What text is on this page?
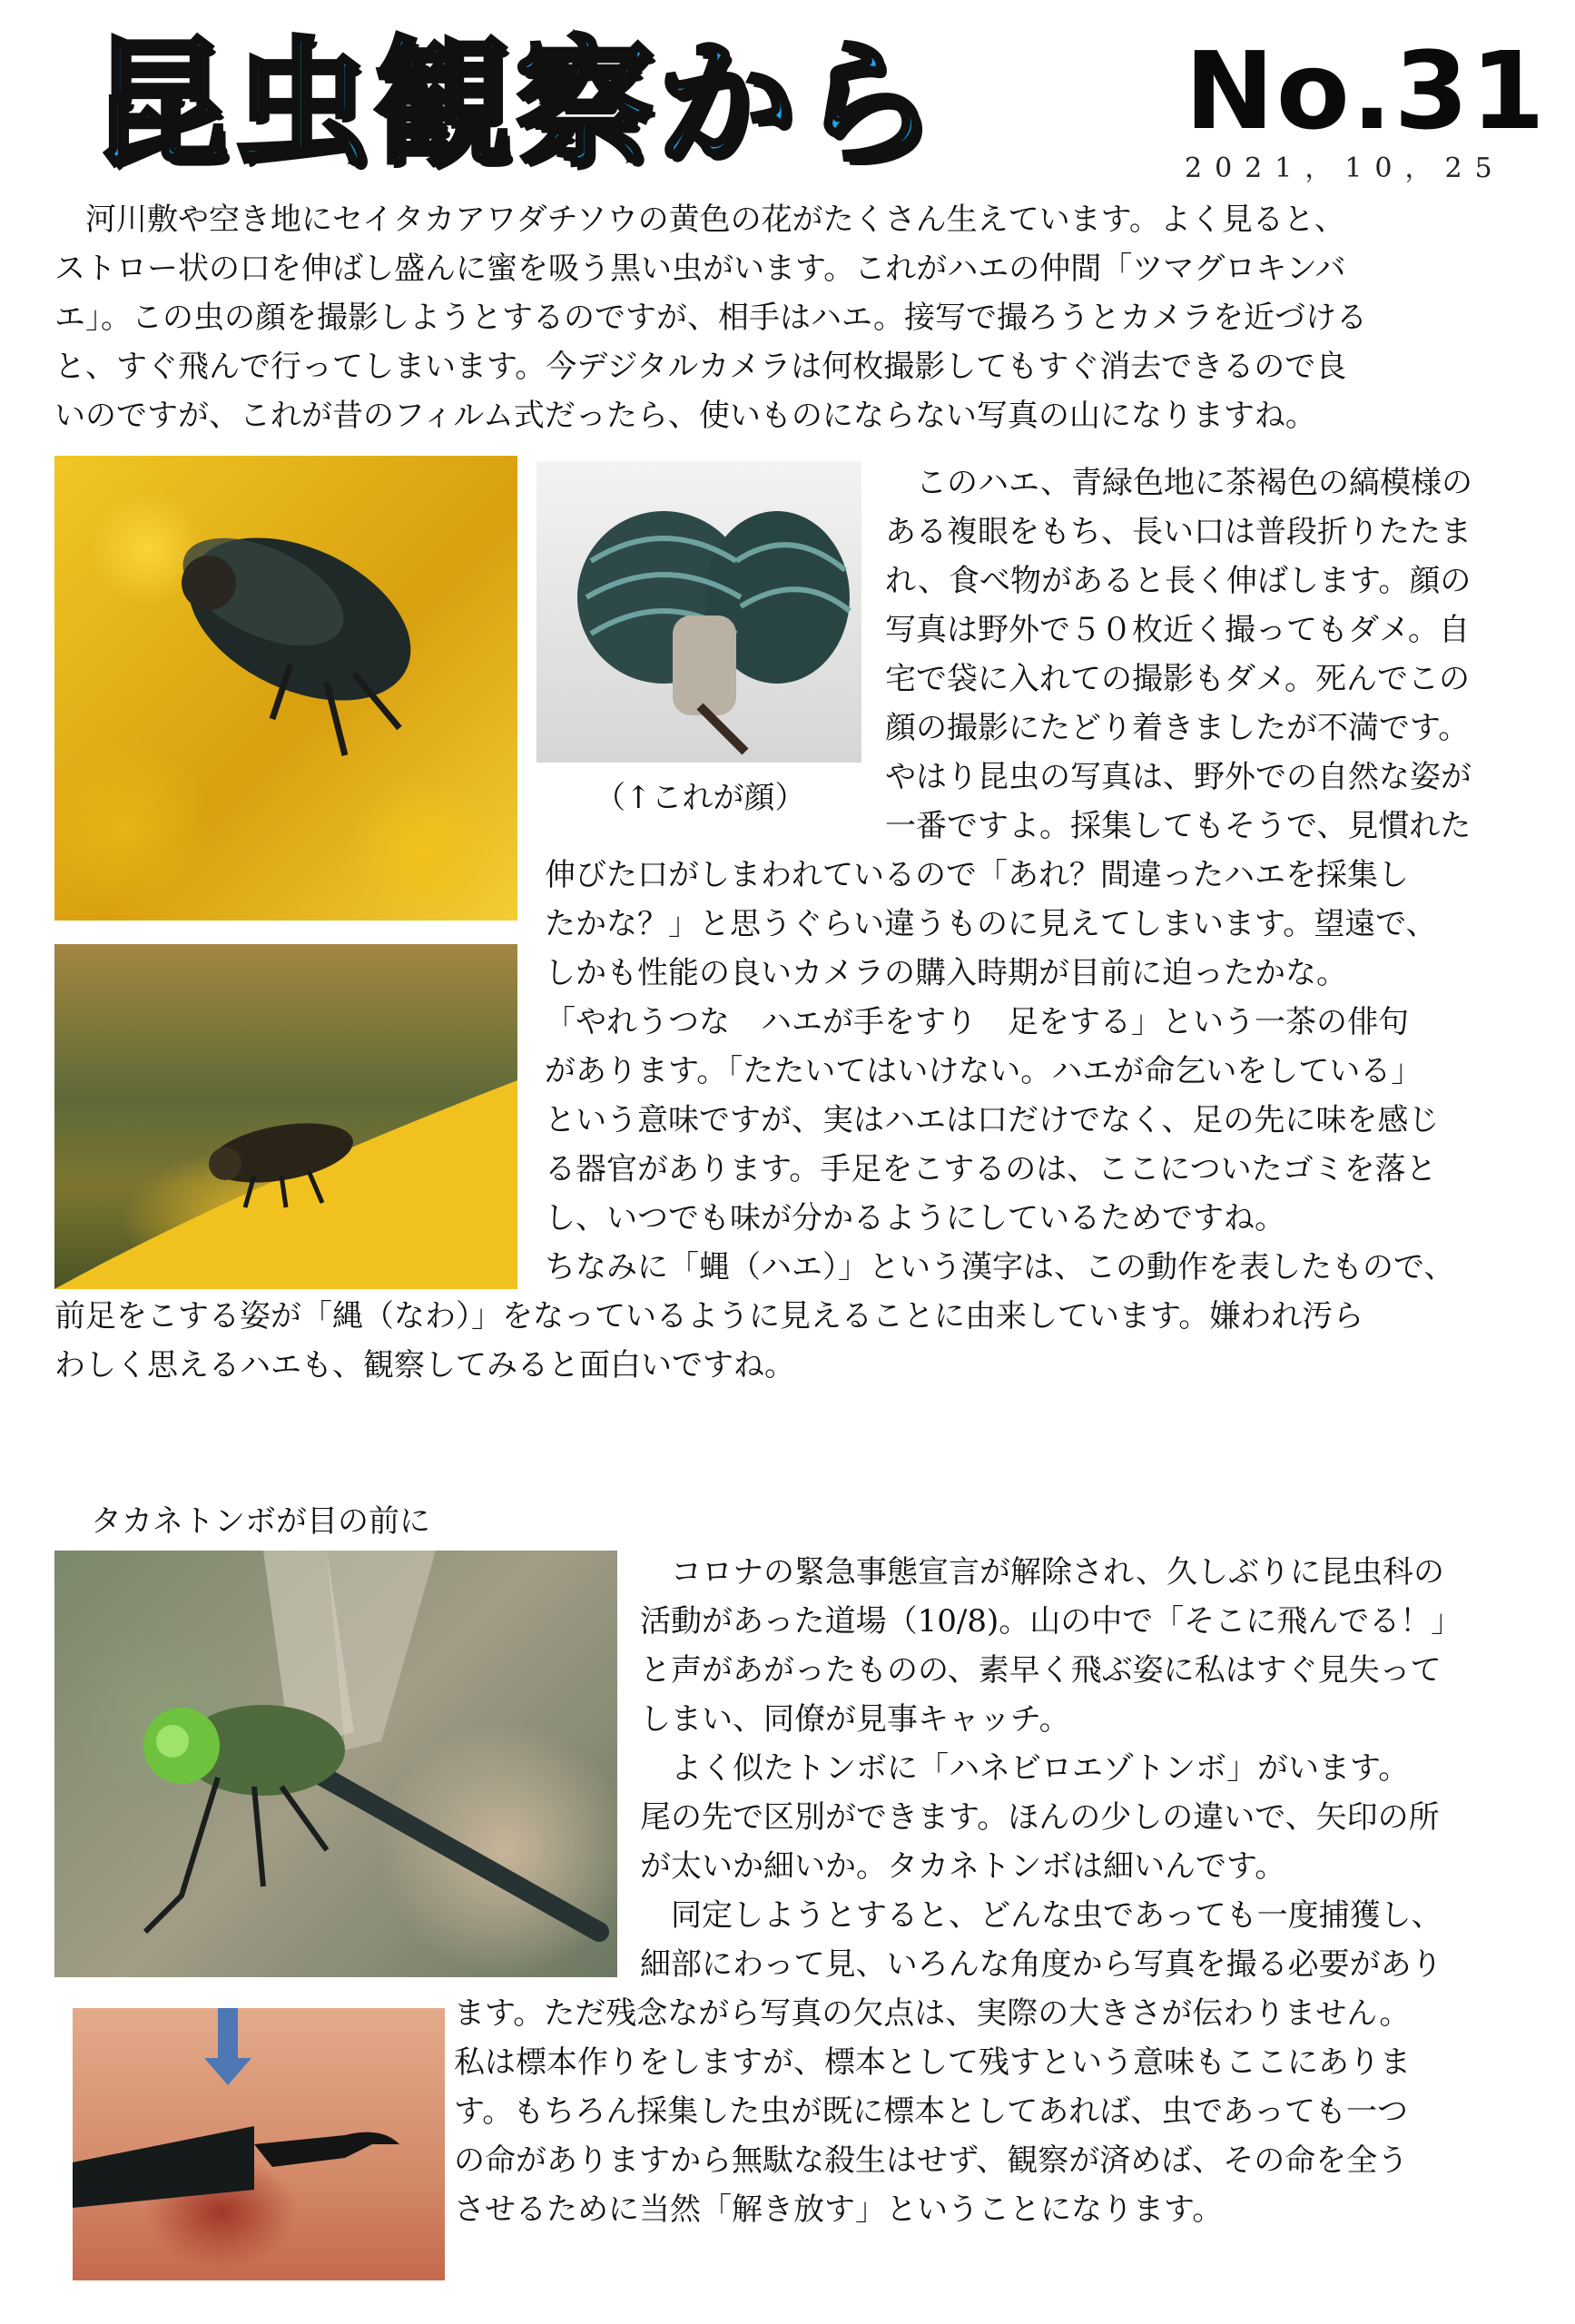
昆虫観察から No.31
2021，10，25
　河川敷や空き地にセイタカアワダチソウの黄色の花がたくさん生えています。よく見ると、
ストロー状の口を伸ばし盛んに蜜を吸う黒い虫がいます。これがハエの仲間「ツマグロキンバ
エ」。この虫の顔を撮影しようとするのですが、相手はハエ。接写で撮ろうとカメラを近づける
と、すぐ飛んで行ってしまいます。今デジタルカメラは何枚撮影してもすぐ消去できるので良
いのですが、これが昔のフィルム式だったら、使いものにならない写真の山になりますね。
（↑これが顔）
　このハエ、青緑色地に茶褐色の縞模様の
ある複眼をもち、長い口は普段折りたたま
れ、食べ物があると長く伸ばします。顔の
写真は野外で５０枚近く撮ってもダメ。自
宅で袋に入れての撮影もダメ。死んでこの
顔の撮影にたどり着きましたが不満です。
やはり昆虫の写真は、野外での自然な姿が
一番ですよ。採集してもそうで、見慣れた
伸びた口がしまわれているので「あれ？間違ったハエを採集し
たかな？」と思うぐらい違うものに見えてしまいます。望遠で、
しかも性能の良いカメラの購入時期が目前に迫ったかな。
「やれうつな　ハエが手をすり　足をする」という一茶の俳句
があります。「たたいてはいけない。ハエが命乞いをしている」
という意味ですが、実はハエは口だけでなく、足の先に味を感じ
る器官があります。手足をこするのは、ここについたゴミを落と
し、いつでも味が分かるようにしているためですね。
ちなみに「蝿（ハエ）」という漢字は、この動作を表したもので、
前足をこする姿が「縄（なわ）」をなっているように見えることに由来しています。嫌われ汚ら
わしく思えるハエも、観察してみると面白いですね。
タカネトンボが目の前に
　コロナの緊急事態宣言が解除され、久しぶりに昆虫科の
活動があった道場（10/8)。山の中で「そこに飛んでる！」
と声があがったものの、素早く飛ぶ姿に私はすぐ見失って
しまい、同僚が見事キャッチ。
　よく似たトンボに「ハネビロエゾトンボ」がいます。
尾の先で区別ができます。ほんの少しの違いで、矢印の所
が太いか細いか。タカネトンボは細いんです。
　同定しようとすると、どんな虫であっても一度捕獲し、
細部にわって見、いろんな角度から写真を撮る必要があり
ます。ただ残念ながら写真の欠点は、実際の大きさが伝わりません。
私は標本作りをしますが、標本として残すという意味もここにありま
す。もちろん採集した虫が既に標本としてあれば、虫であっても一つ
の命がありますから無駄な殺生はせず、観察が済めば、その命を全う
させるために当然「解き放す」ということになります。
